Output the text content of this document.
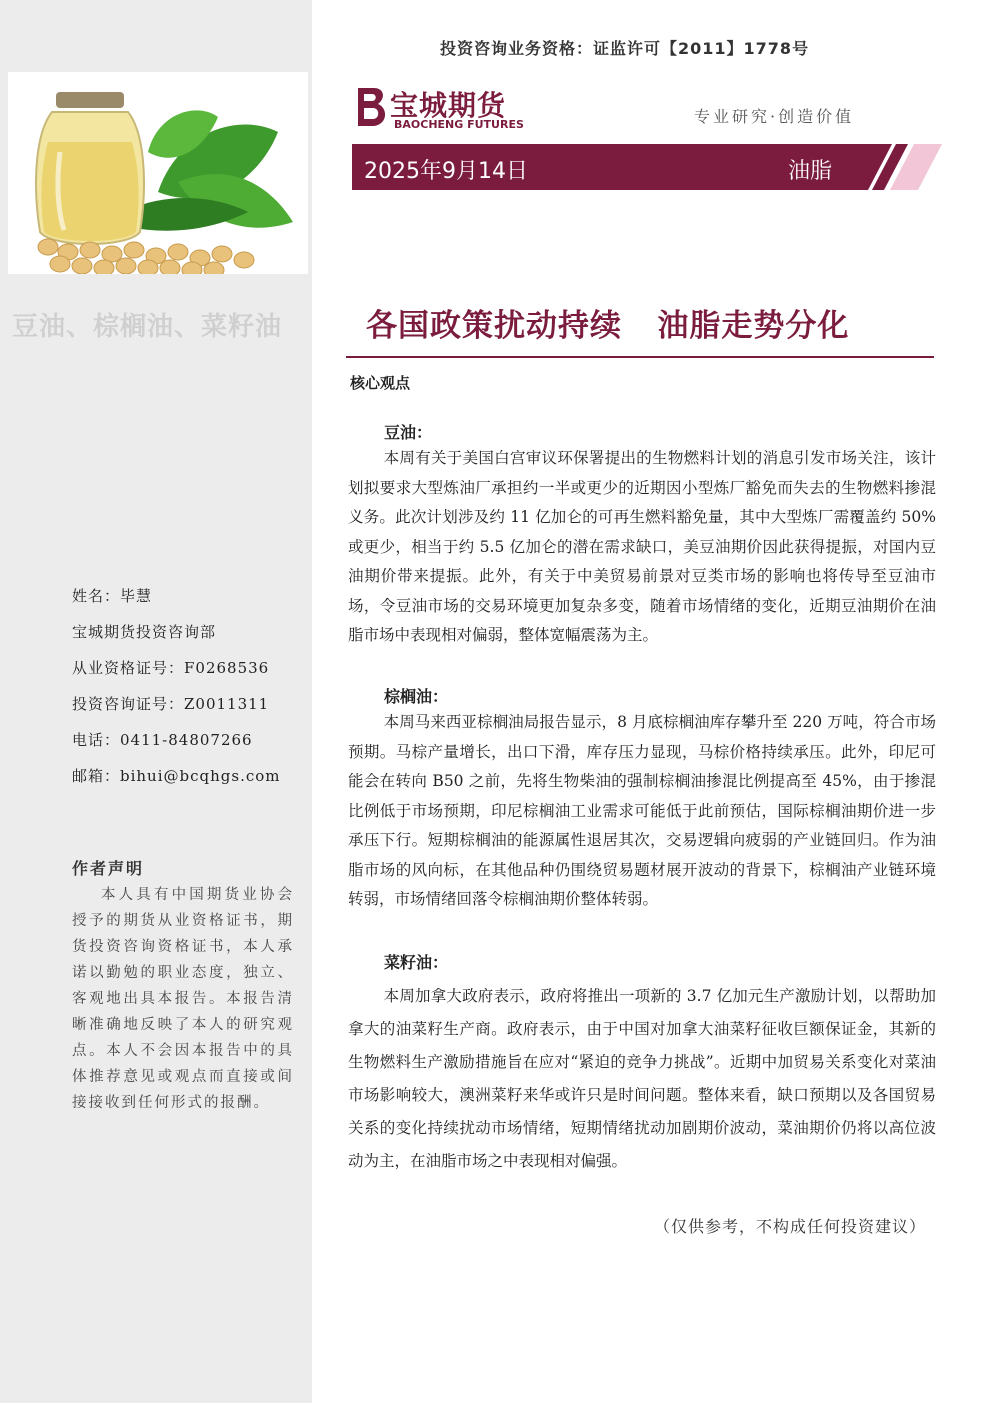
豆油、棕榈油、菜籽油
姓名：毕慧
宝城期货投资咨询部
从业资格证号：F0268536
投资咨询证号：Z0011311
电话：0411-84807266
邮箱：bihui@bcqhgs.com
作者声明
本人具有中国期货业协会授予的期货从业资格证书，期货投资咨询资格证书，本人承诺以勤勉的职业态度，独立、客观地出具本报告。本报告清晰准确地反映了本人的研究观点。本人不会因本报告中的具体推荐意见或观点而直接或间接接收到任何形式的报酬。
投资咨询业务资格：证监许可【2011】1778号
宝城期货
BAOCHENG FUTURES	专业研究·创造价值
2025年9月14日	油脂
各国政策扰动持续   油脂走势分化
核心观点
豆油：
本周有关于美国白宫审议环保署提出的生物燃料计划的消息引发市场关注，该计划拟要求大型炼油厂承担约一半或更少的近期因小型炼厂豁免而失去的生物燃料掺混义务。此次计划涉及约 11 亿加仑的可再生燃料豁免量，其中大型炼厂需覆盖约 50%或更少，相当于约 5.5 亿加仑的潜在需求缺口，美豆油期价因此获得提振，对国内豆油期价带来提振。此外，有关于中美贸易前景对豆类市场的影响也将传导至豆油市场，令豆油市场的交易环境更加复杂多变，随着市场情绪的变化，近期豆油期价在油脂市场中表现相对偏弱，整体宽幅震荡为主。
棕榈油：
本周马来西亚棕榈油局报告显示，8 月底棕榈油库存攀升至 220 万吨，符合市场预期。马棕产量增长，出口下滑，库存压力显现，马棕价格持续承压。此外，印尼可能会在转向 B50 之前，先将生物柴油的强制棕榈油掺混比例提高至 45%，由于掺混比例低于市场预期，印尼棕榈油工业需求可能低于此前预估，国际棕榈油期价进一步承压下行。短期棕榈油的能源属性退居其次，交易逻辑向疲弱的产业链回归。作为油脂市场的风向标，在其他品种仍围绕贸易题材展开波动的背景下，棕榈油产业链环境转弱，市场情绪回落令棕榈油期价整体转弱。
菜籽油：
本周加拿大政府表示，政府将推出一项新的 3.7 亿加元生产激励计划，以帮助加拿大的油菜籽生产商。政府表示，由于中国对加拿大油菜籽征收巨额保证金，其新的生物燃料生产激励措施旨在应对“紧迫的竞争力挑战”。近期中加贸易关系变化对菜油市场影响较大，澳洲菜籽来华或许只是时间问题。整体来看，缺口预期以及各国贸易关系的变化持续扰动市场情绪，短期情绪扰动加剧期价波动，菜油期价仍将以高位波动为主，在油脂市场之中表现相对偏强。
（仅供参考，不构成任何投资建议）
